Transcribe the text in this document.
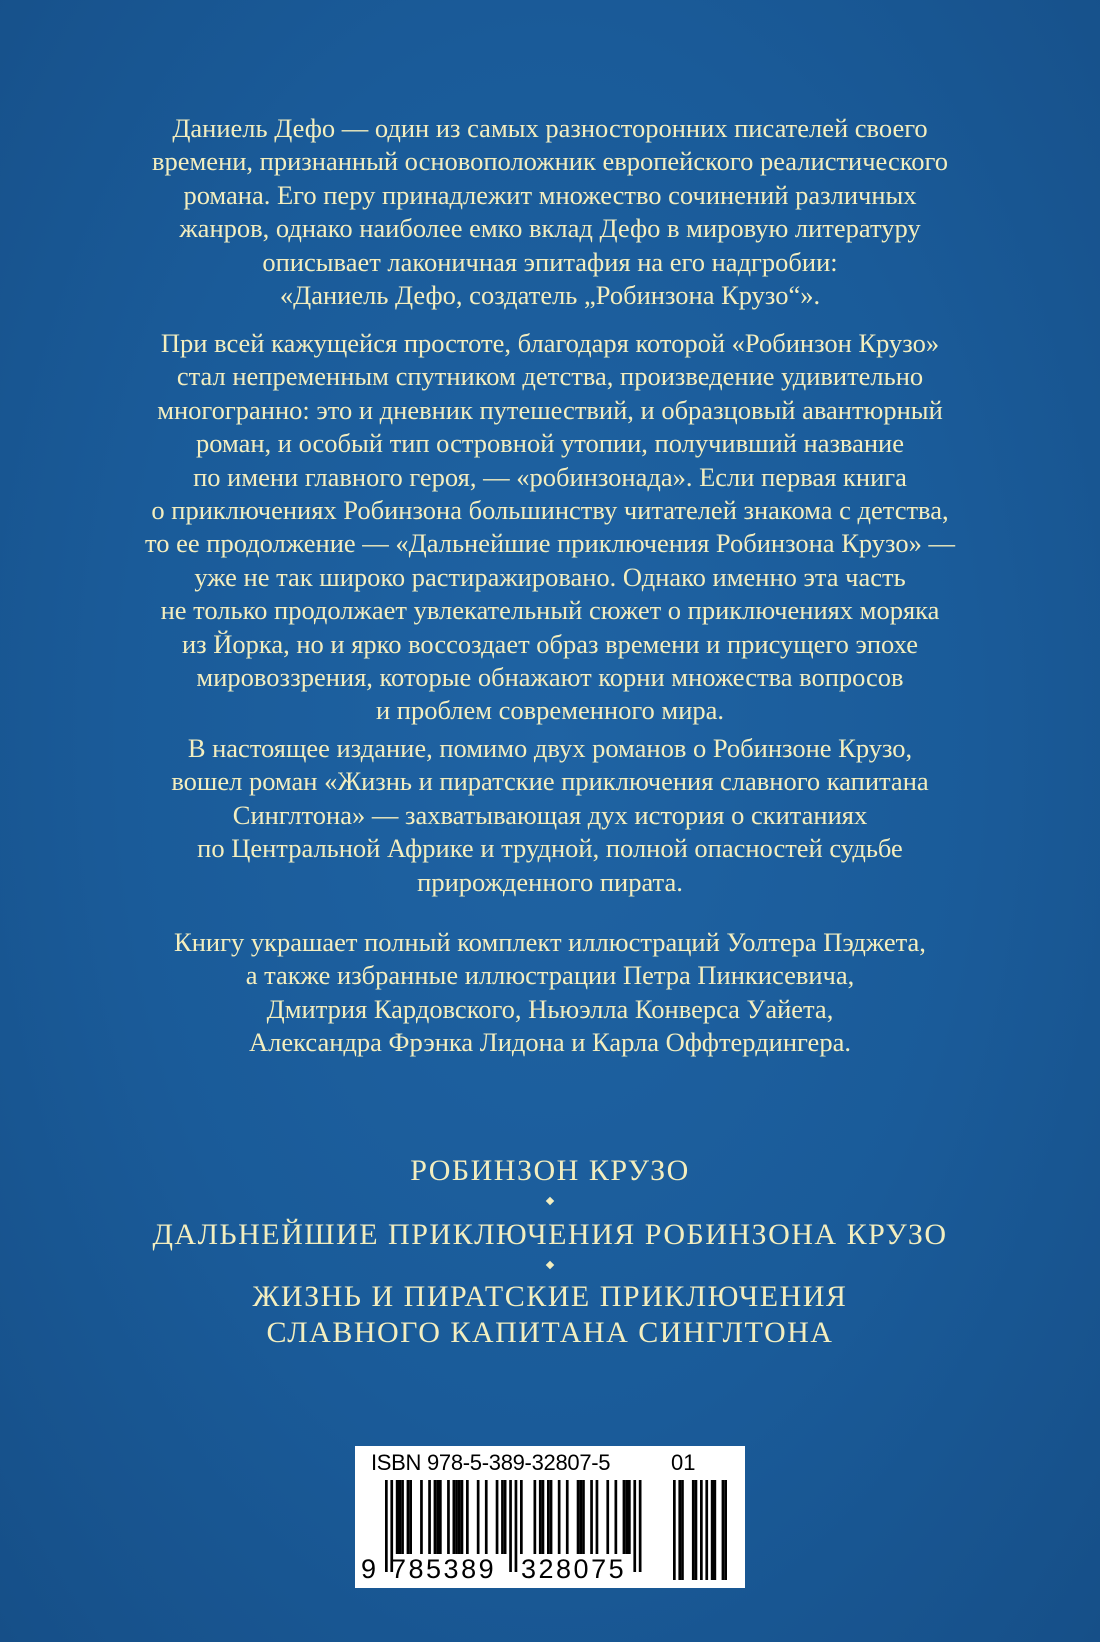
Даниель Дефо — один из самых разносторонних писателей своего
времени, признанный основоположник европейского реалистического
романа. Его перу принадлежит множество сочинений различных
жанров, однако наиболее емко вклад Дефо в мировую литературу
описывает лаконичная эпитафия на его надгробии:
«Даниель Дефо, создатель „Робинзона Крузо“».
При всей кажущейся простоте, благодаря которой «Робинзон Крузо»
стал непременным спутником детства, произведение удивительно
многогранно: это и дневник путешествий, и образцовый авантюрный
роман, и особый тип островной утопии, получивший название
по имени главного героя, — «робинзонада». Если первая книга
о приключениях Робинзона большинству читателей знакома с детства,
то ее продолжение — «Дальнейшие приключения Робинзона Крузо» —
уже не так широко растиражировано. Однако именно эта часть
не только продолжает увлекательный сюжет о приключениях моряка
из Йорка, но и ярко воссоздает образ времени и присущего эпохе
мировоззрения, которые обнажают корни множества вопросов
и проблем современного мира.
В настоящее издание, помимо двух романов о Робинзоне Крузо,
вошел роман «Жизнь и пиратские приключения славного капитана
Синглтона» — захватывающая дух история о скитаниях
по Центральной Африке и трудной, полной опасностей судьбе
прирожденного пирата.
Книгу украшает полный комплект иллюстраций Уолтера Пэджета,
а также избранные иллюстрации Петра Пинкисевича,
Дмитрия Кардовского, Ньюэлла Конверса Уайета,
Александра Фрэнка Лидона и Карла Оффтердингера.
РОБИНЗОН КРУЗО
ДАЛЬНЕЙШИЕ ПРИКЛЮЧЕНИЯ РОБИНЗОНА КРУЗО
ЖИЗНЬ И ПИРАТСКИЕ ПРИКЛЮЧЕНИЯ
СЛАВНОГО КАПИТАНА СИНГЛТОНА
ISBN 978-5-389-32807-5	01
9 785389 328075
